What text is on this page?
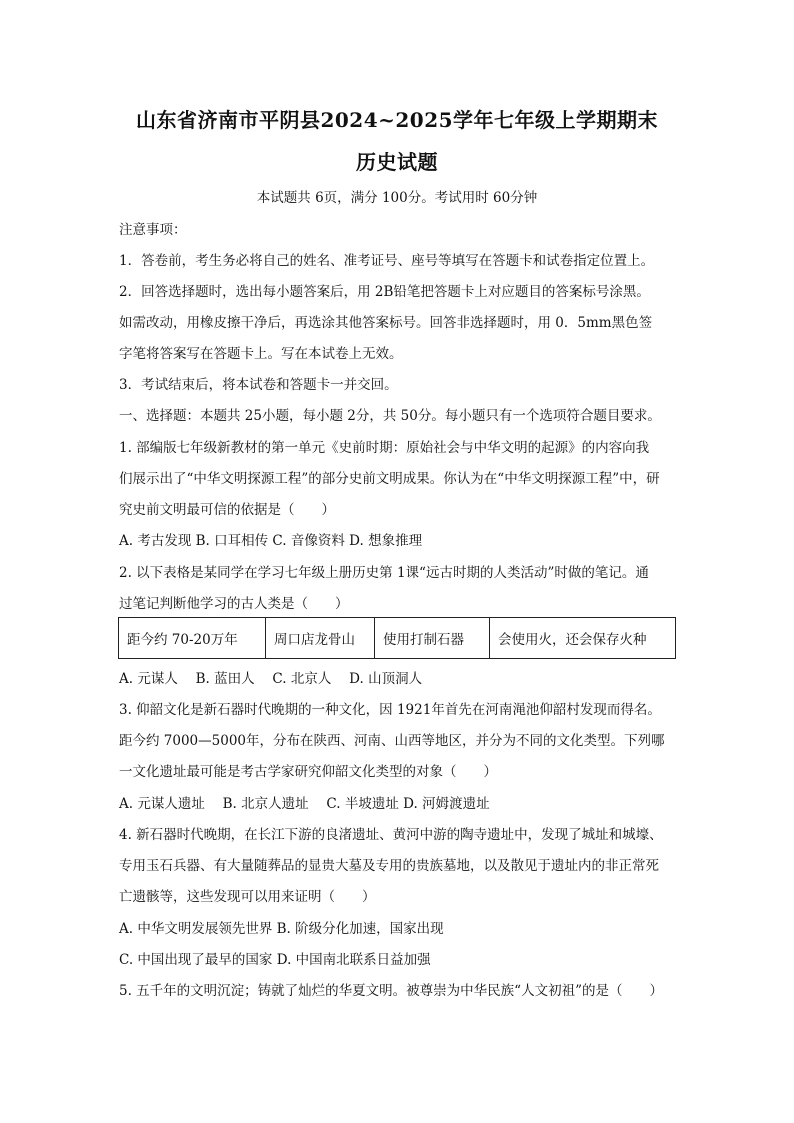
山东省济南市平阴县2024~2025学年七年级上学期期末
历史试题
本试题共 6页，满分 100分。考试用时 60分钟
注意事项：
1．答卷前，考生务必将自己的姓名、准考证号、座号等填写在答题卡和试卷指定位置上。
2．回答选择题时，选出每小题答案后，用 2B铅笔把答题卡上对应题目的答案标号涂黑。
如需改动，用橡皮擦干净后，再选涂其他答案标号。回答非选择题时，用 0．5mm黑色签
字笔将答案写在答题卡上。写在本试卷上无效。
3．考试结束后，将本试卷和答题卡一并交回。
一、选择题：本题共 25小题，每小题 2分，共 50分。每小题只有一个选项符合题目要求。
1. 部编版七年级新教材的第一单元《史前时期：原始社会与中华文明的起源》的内容向我
们展示出了“中华文明探源工程”的部分史前文明成果。你认为在“中华文明探源工程”中，研
究史前文明最可信的依据是（　　）
A. 考古发现 B. 口耳相传 C. 音像资料 D. 想象推理
2. 以下表格是某同学在学习七年级上册历史第 1课“远古时期的人类活动”时做的笔记。通
过笔记判断他学习的古人类是（　　）
距今约 70-20万年	周口店龙骨山	使用打制石器	会使用火，还会保存火种
A. 元谋人　 B. 蓝田人　 C. 北京人　 D. 山顶洞人
3. 仰韶文化是新石器时代晚期的一种文化，因 1921年首先在河南渑池仰韶村发现而得名。
距今约 7000—5000年，分布在陕西、河南、山西等地区，并分为不同的文化类型。下列哪
一文化遗址最可能是考古学家研究仰韶文化类型的对象（　　）
A. 元谋人遗址　 B. 北京人遗址　 C. 半坡遗址 D. 河姆渡遗址
4. 新石器时代晚期，在长江下游的良渚遗址、黄河中游的陶寺遗址中，发现了城址和城壕、
专用玉石兵器、有大量随葬品的显贵大墓及专用的贵族墓地，以及散见于遗址内的非正常死
亡遗骸等，这些发现可以用来证明（　　）
A. 中华文明发展领先世界 B. 阶级分化加速，国家出现
C. 中国出现了最早的国家 D. 中国南北联系日益加强
5. 五千年的文明沉淀；铸就了灿烂的华夏文明。被尊崇为中华民族“人文初祖”的是（　　）
